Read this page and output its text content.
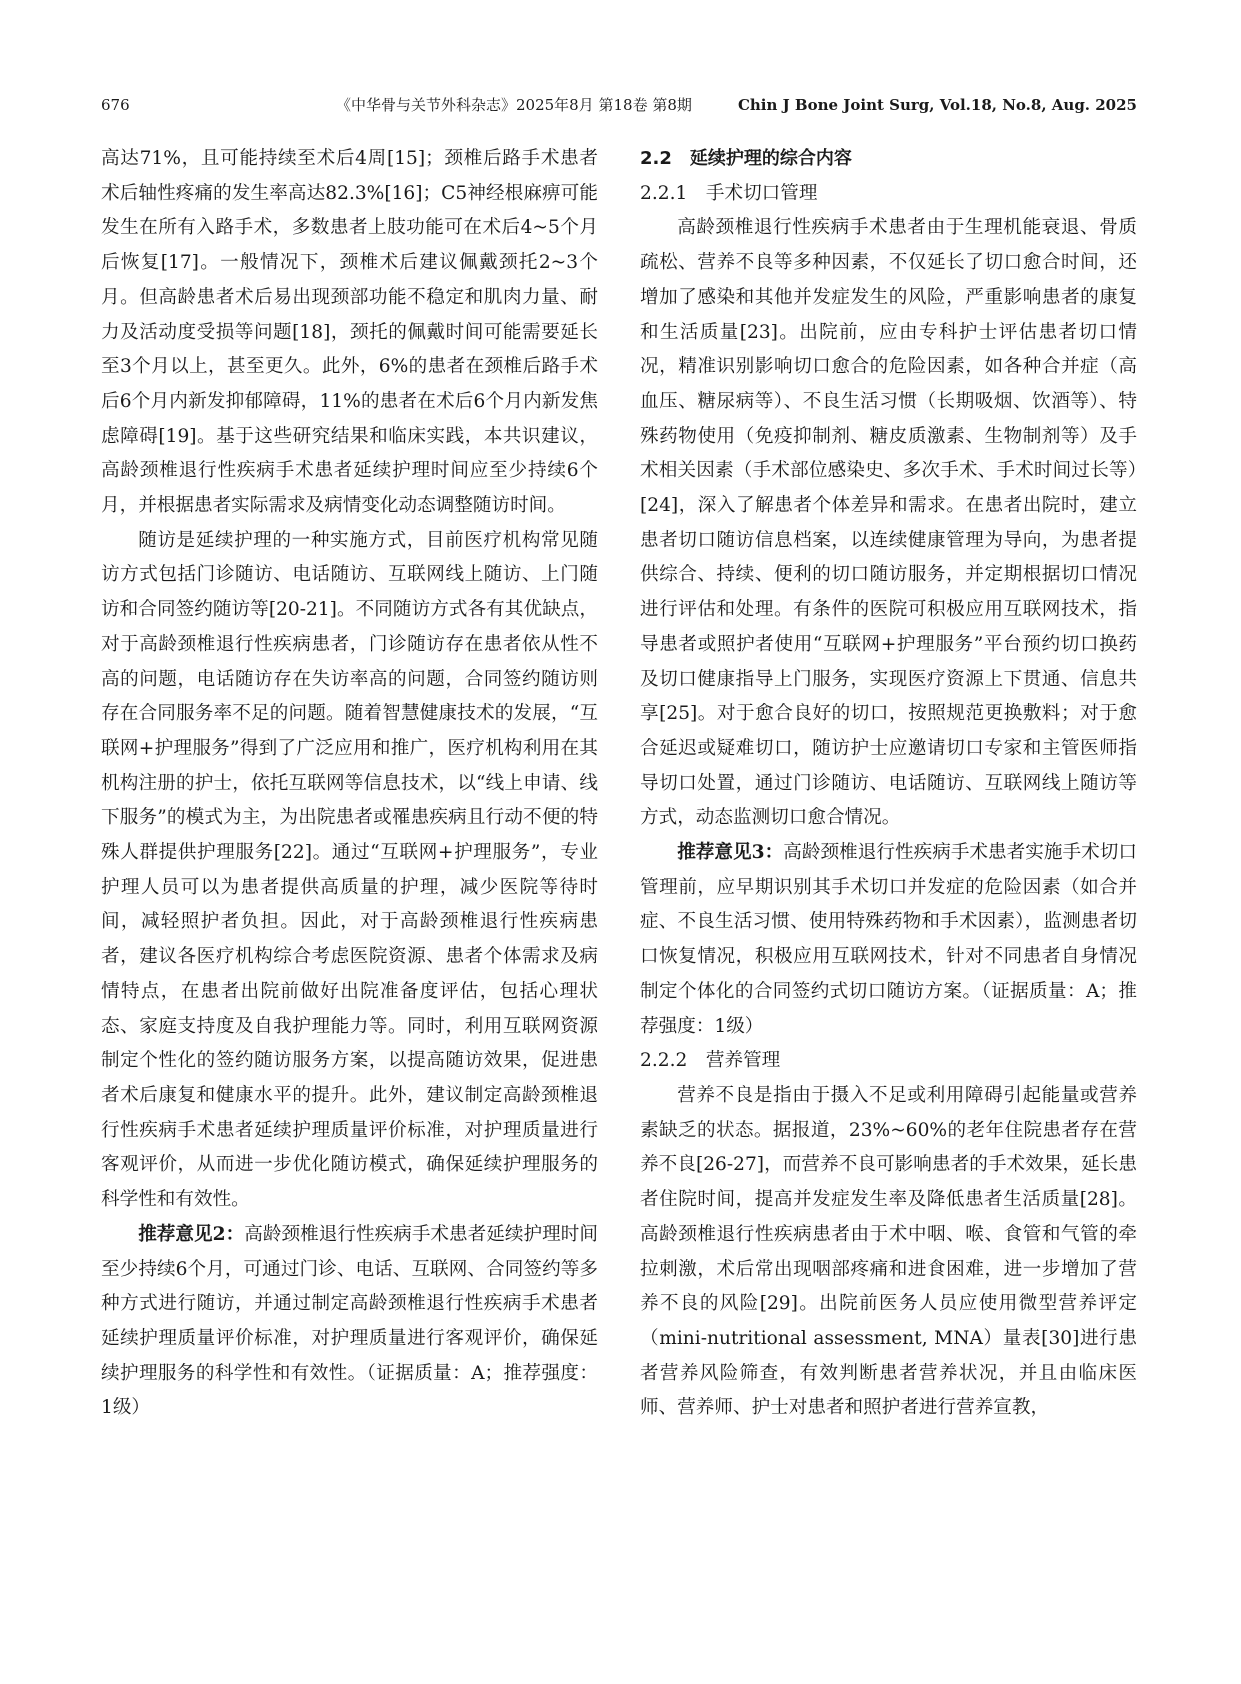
676	《中华骨与关节外科杂志》2025年8月 第18卷 第8期	Chin J Bone Joint Surg, Vol.18, No.8, Aug. 2025

高达71%，且可能持续至术后4周[15]；颈椎后路手术患者术后轴性疼痛的发生率高达82.3%[16]；C5神经根麻痹可能发生在所有入路手术，多数患者上肢功能可在术后4~5个月后恢复[17]。一般情况下，颈椎术后建议佩戴颈托2~3个月。但高龄患者术后易出现颈部功能不稳定和肌肉力量、耐力及活动度受损等问题[18]，颈托的佩戴时间可能需要延长至3个月以上，甚至更久。此外，6%的患者在颈椎后路手术后6个月内新发抑郁障碍，11%的患者在术后6个月内新发焦虑障碍[19]。基于这些研究结果和临床实践，本共识建议，高龄颈椎退行性疾病手术患者延续护理时间应至少持续6个月，并根据患者实际需求及病情变化动态调整随访时间。

随访是延续护理的一种实施方式，目前医疗机构常见随访方式包括门诊随访、电话随访、互联网线上随访、上门随访和合同签约随访等[20-21]。不同随访方式各有其优缺点，对于高龄颈椎退行性疾病患者，门诊随访存在患者依从性不高的问题，电话随访存在失访率高的问题，合同签约随访则存在合同服务率不足的问题。随着智慧健康技术的发展，“互联网+护理服务”得到了广泛应用和推广，医疗机构利用在其机构注册的护士，依托互联网等信息技术，以“线上申请、线下服务”的模式为主，为出院患者或罹患疾病且行动不便的特殊人群提供护理服务[22]。通过“互联网+护理服务”，专业护理人员可以为患者提供高质量的护理，减少医院等待时间，减轻照护者负担。因此，对于高龄颈椎退行性疾病患者，建议各医疗机构综合考虑医院资源、患者个体需求及病情特点，在患者出院前做好出院准备度评估，包括心理状态、家庭支持度及自我护理能力等。同时，利用互联网资源制定个性化的签约随访服务方案，以提高随访效果，促进患者术后康复和健康水平的提升。此外，建议制定高龄颈椎退行性疾病手术患者延续护理质量评价标准，对护理质量进行客观评价，从而进一步优化随访模式，确保延续护理服务的科学性和有效性。

推荐意见2：高龄颈椎退行性疾病手术患者延续护理时间至少持续6个月，可通过门诊、电话、互联网、合同签约等多种方式进行随访，并通过制定高龄颈椎退行性疾病手术患者延续护理质量评价标准，对护理质量进行客观评价，确保延续护理服务的科学性和有效性。（证据质量：A；推荐强度：1级）

2.2　延续护理的综合内容

2.2.1　手术切口管理

高龄颈椎退行性疾病手术患者由于生理机能衰退、骨质疏松、营养不良等多种因素，不仅延长了切口愈合时间，还增加了感染和其他并发症发生的风险，严重影响患者的康复和生活质量[23]。出院前，应由专科护士评估患者切口情况，精准识别影响切口愈合的危险因素，如各种合并症（高血压、糖尿病等）、不良生活习惯（长期吸烟、饮酒等）、特殊药物使用（免疫抑制剂、糖皮质激素、生物制剂等）及手术相关因素（手术部位感染史、多次手术、手术时间过长等）[24]，深入了解患者个体差异和需求。在患者出院时，建立患者切口随访信息档案，以连续健康管理为导向，为患者提供综合、持续、便利的切口随访服务，并定期根据切口情况进行评估和处理。有条件的医院可积极应用互联网技术，指导患者或照护者使用“互联网+护理服务”平台预约切口换药及切口健康指导上门服务，实现医疗资源上下贯通、信息共享[25]。对于愈合良好的切口，按照规范更换敷料；对于愈合延迟或疑难切口，随访护士应邀请切口专家和主管医师指导切口处置，通过门诊随访、电话随访、互联网线上随访等方式，动态监测切口愈合情况。

推荐意见3：高龄颈椎退行性疾病手术患者实施手术切口管理前，应早期识别其手术切口并发症的危险因素（如合并症、不良生活习惯、使用特殊药物和手术因素），监测患者切口恢复情况，积极应用互联网技术，针对不同患者自身情况制定个体化的合同签约式切口随访方案。（证据质量：A；推荐强度：1级）

2.2.2　营养管理

营养不良是指由于摄入不足或利用障碍引起能量或营养素缺乏的状态。据报道，23%~60%的老年住院患者存在营养不良[26-27]，而营养不良可影响患者的手术效果，延长患者住院时间，提高并发症发生率及降低患者生活质量[28]。高龄颈椎退行性疾病患者由于术中咽、喉、食管和气管的牵拉刺激，术后常出现咽部疼痛和进食困难，进一步增加了营养不良的风险[29]。出院前医务人员应使用微型营养评定（mini-nutritional assessment, MNA）量表[30]进行患者营养风险筛查，有效判断患者营养状况，并且由临床医师、营养师、护士对患者和照护者进行营养宣教，
